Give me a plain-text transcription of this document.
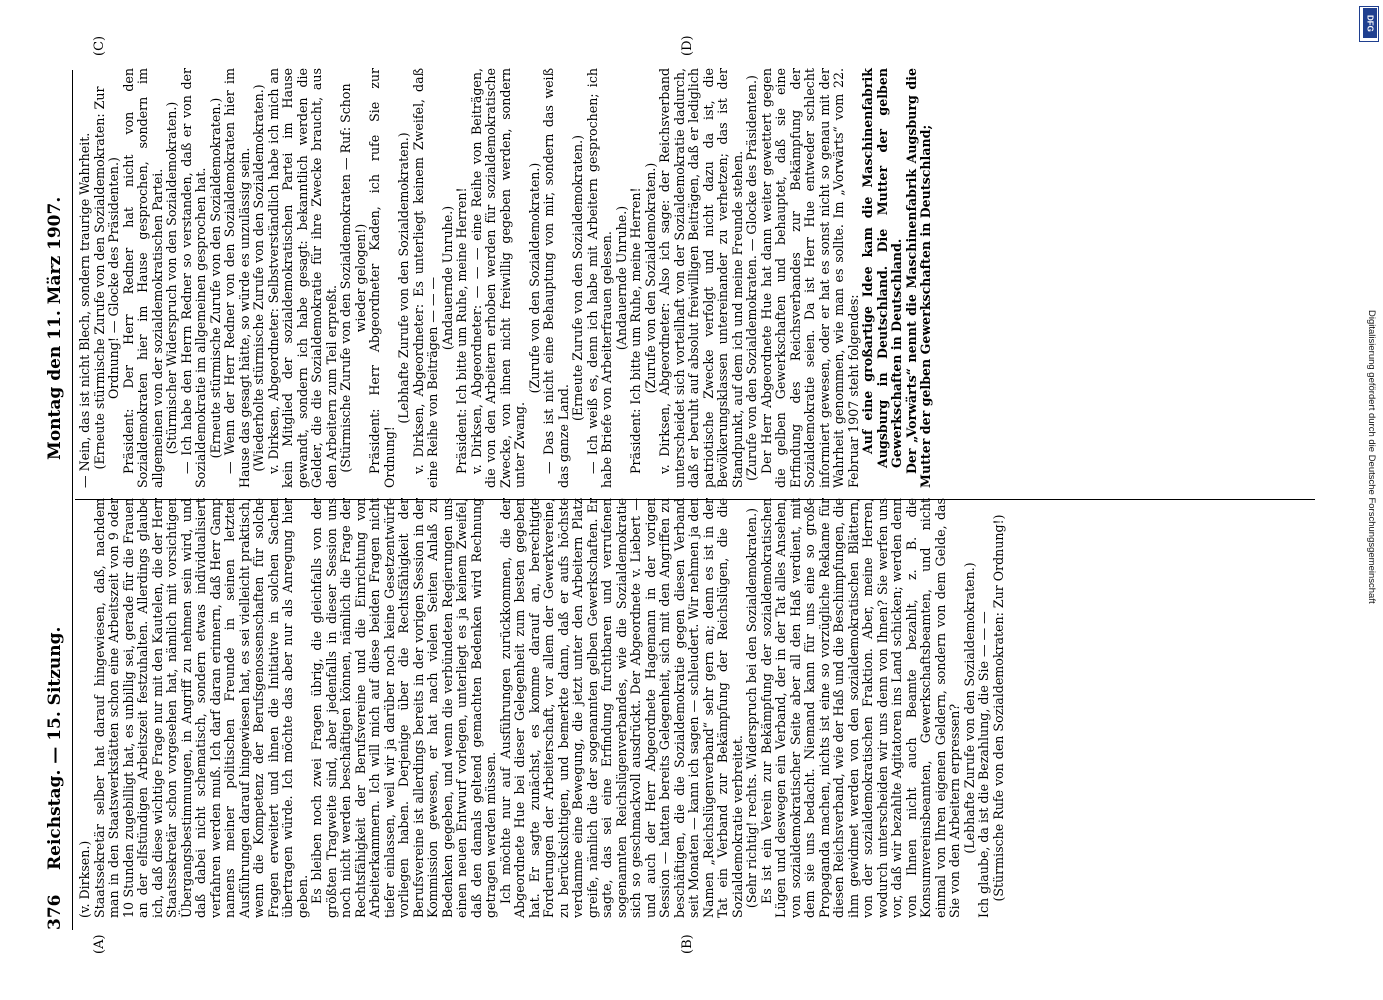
376
Reichstag. — 15. Sitzung.
Montag den 11. März 1907.
(A)	(B)
(C)	(D)

(v. Dirksen.) Staatssekretär selber hat darauf hingewiesen, daß, nachdem man in den Staatswerkstätten schon eine Arbeitszeit von 9 oder 10 Stunden zugebilligt hat, es unbillig sei, gerade für die Frauen an der elfstündigen Arbeitszeit festzuhalten. Allerdings glaube ich, daß diese wichtige Frage nur mit den Kautelen, die der Herr Staatssekretär schon vorgesehen hat, nämlich mit vorsichtigen Übergangsbestimmungen, in Angriff zu nehmen sein wird, und daß dabei nicht schematisch, sondern etwas individualisiert verfahren werden muß. Ich darf daran erinnern, daß Herr Gamp namens meiner politischen Freunde in seinen letzten Ausführungen darauf hingewiesen hat, es sei vielleicht praktisch, wenn die Kompetenz der Berufsgenossenschaften für solche Fragen erweitert und ihnen die Initiative in solchen Sachen übertragen würde. Ich möchte das aber nur als Anregung hier geben. Es bleiben noch zwei Fragen übrig, die gleichfalls von der größten Tragweite sind, aber jedenfalls in dieser Session uns noch nicht werden beschäftigen können, nämlich die Frage der Rechtsfähigkeit der Berufsvereine und die Einrichtung von Arbeiterkammern. Ich will mich auf diese beiden Fragen nicht tiefer einlassen, weil wir ja darüber noch keine Gesetzentwürfe vorliegen haben. Derjenige über die Rechtsfähigkeit der Berufsvereine ist allerdings bereits in der vorigen Session in der Kommission gewesen, er hat nach vielen Seiten Anlaß zu Bedenken gegeben, und wenn die verbündeten Regierungen uns einen neuen Entwurf vorlegen, unterliegt es ja keinem Zweifel, daß den damals geltend gemachten Bedenken wird Rechnung getragen werden müssen. Ich möchte nur auf Ausführungen zurückkommen, die der Abgeordnete Hue bei dieser Gelegenheit zum besten gegeben hat. Er sagte zunächst, es komme darauf an, berechtigte Forderungen der Arbeiterschaft, vor allem der Gewerkvereine, zu berücksichtigen, und bemerkte dann, daß er aufs höchste verdamme eine Bewegung, die jetzt unter den Arbeitern Platz greife, nämlich die der sogenannten gelben Gewerkschaften. Er sagte, das sei eine Erfindung furchtbaren und verrufenen sogenannten Reichslügenverbandes, wie die Sozialdemokratie sich so geschmackvoll ausdrückt. Der Abgeordnete v. Liebert — und auch der Herr Abgeordnete Hagemann in der vorigen Session — hatten bereits Gelegenheit, sich mit den Angriffen zu beschäftigen, die die Sozialdemokratie gegen diesen Verband seit Monaten — kann ich sagen — schleudert. Wir nehmen ja den Namen „Reichslügenverband“ sehr gern an; denn es ist in der Tat ein Verband zur Bekämpfung der Reichslügen, die die Sozialdemokratie verbreitet. (Sehr richtig! rechts. Widerspruch bei den Sozialdemokraten.) Es ist ein Verein zur Bekämpfung der sozialdemokratischen Lügen und deswegen ein Verband, der in der Tat alles Ansehen, von sozialdemokratischer Seite aber all den Haß verdient, mit dem sie uns bedacht. Niemand kann für uns eine so große Propaganda machen, nichts ist eine so vorzügliche Reklame für diesen Reichsverband, wie der Haß und die Beschimpfungen, die ihm gewidmet werden von den sozialdemokratischen Blättern, von der sozialdemokratischen Fraktion. Aber, meine Herren, wodurch unterscheiden wir uns denn von Ihnen? Sie werfen uns vor, daß wir bezahlte Agitatoren ins Land schicken; werden denn von Ihnen nicht auch Beamte bezahlt, z. B. die Konsumvereinsbeamten, Gewerkschaftsbeamten, und nicht einmal von Ihren eigenen Geldern, sondern von dem Gelde, das Sie von den Arbeitern erpressen? (Lebhafte Zurufe von den Sozialdemokraten.) Ich glaube, da ist die Bezahlung, die Sie — — — (Stürmische Rufe von den Sozialdemokraten: Zur Ordnung!)

— Nein, das ist nicht Blech, sondern traurige Wahrheit. (Erneute stürmische Zurufe von den Sozialdemokraten: Zur Ordnung! — Glocke des Präsidenten.) Präsident: Der Herr Redner hat nicht von den Sozialdemokraten hier im Hause gesprochen, sondern im allgemeinen von der sozialdemokratischen Partei. (Stürmischer Widerspruch von den Sozialdemokraten.) — Ich habe den Herrn Redner so verstanden, daß er von der Sozialdemokratie im allgemeinen gesprochen hat. (Erneute stürmische Zurufe von den Sozialdemokraten.) — Wenn der Herr Redner von den Sozialdemokraten hier im Hause das gesagt hätte, so würde es unzulässig sein. (Wiederholte stürmische Zurufe von den Sozialdemokraten.) v. Dirksen, Abgeordneter: Selbstverständlich habe ich mich an kein Mitglied der sozialdemokratischen Partei im Hause gewandt, sondern ich habe gesagt: bekanntlich werden die Gelder, die die Sozialdemokratie für ihre Zwecke braucht, aus den Arbeitern zum Teil erpreßt. (Stürmische Zurufe von den Sozialdemokraten — Ruf: Schon wieder gelogen!) Präsident: Herr Abgeordneter Kaden, ich rufe Sie zur Ordnung!

(Lebhafte Zurufe von den Sozialdemokraten.) v. Dirksen, Abgeordneter: Es unterliegt keinem Zweifel, daß eine Reihe von Beiträgen — — — (Andauernde Unruhe.) Präsident: Ich bitte um Ruhe, meine Herren! v. Dirksen, Abgeordneter: — — — eine Reihe von Beiträgen, die von den Arbeitern erhoben werden für sozialdemokratische Zwecke, von ihnen nicht freiwillig gegeben werden, sondern unter Zwang.

(Zurufe von den Sozialdemokraten.) — Das ist nicht eine Behauptung von mir, sondern das weiß das ganze Land.

(Erneute Zurufe von den Sozialdemokraten.) — Ich weiß es, denn ich habe mit Arbeitern gesprochen; ich habe Briefe von Arbeiterfrauen gelesen. (Andauernde Unruhe.) Präsident: Ich bitte um Ruhe, meine Herren! (Zurufe von den Sozialdemokraten.) v. Dirksen, Abgeordneter: Also ich sage: der Reichsverband unterscheidet sich vorteilhaft von der Sozialdemokratie dadurch, daß er beruht auf absolut freiwilligen Beiträgen, daß er lediglich patriotische Zwecke verfolgt und nicht dazu da ist, die Bevölkerungsklassen untereinander zu verhetzen; das ist der Standpunkt, auf dem ich und meine Freunde stehen. (Zurufe von den Sozialdemokraten. — Glocke des Präsidenten.) Der Herr Abgeordnete Hue hat dann weiter gewettert gegen die gelben Gewerkschaften und behauptet, daß sie eine Erfindung des Reichsverbandes zur Bekämpfung der Sozialdemokratie seien. Da ist Herr Hue entweder schlecht informiert gewesen, oder er hat es sonst nicht so genau mit der Wahrheit genommen, wie man es sollte. Im „Vorwärts“ vom 22. Februar 1907 steht folgendes: Auf eine großartige Idee kam die Maschinenfabrik Augsburg in Deutschland. Die Mutter der gelben Gewerkschaften in Deutschland. Der „Vorwärts“ nennt die Maschinenfabrik Augsburg die Mutter der gelben Gewerkschaften in Deutschland;

DFG
Digitalisierung gefördert durch die Deutsche Forschungsgemeinschaft
